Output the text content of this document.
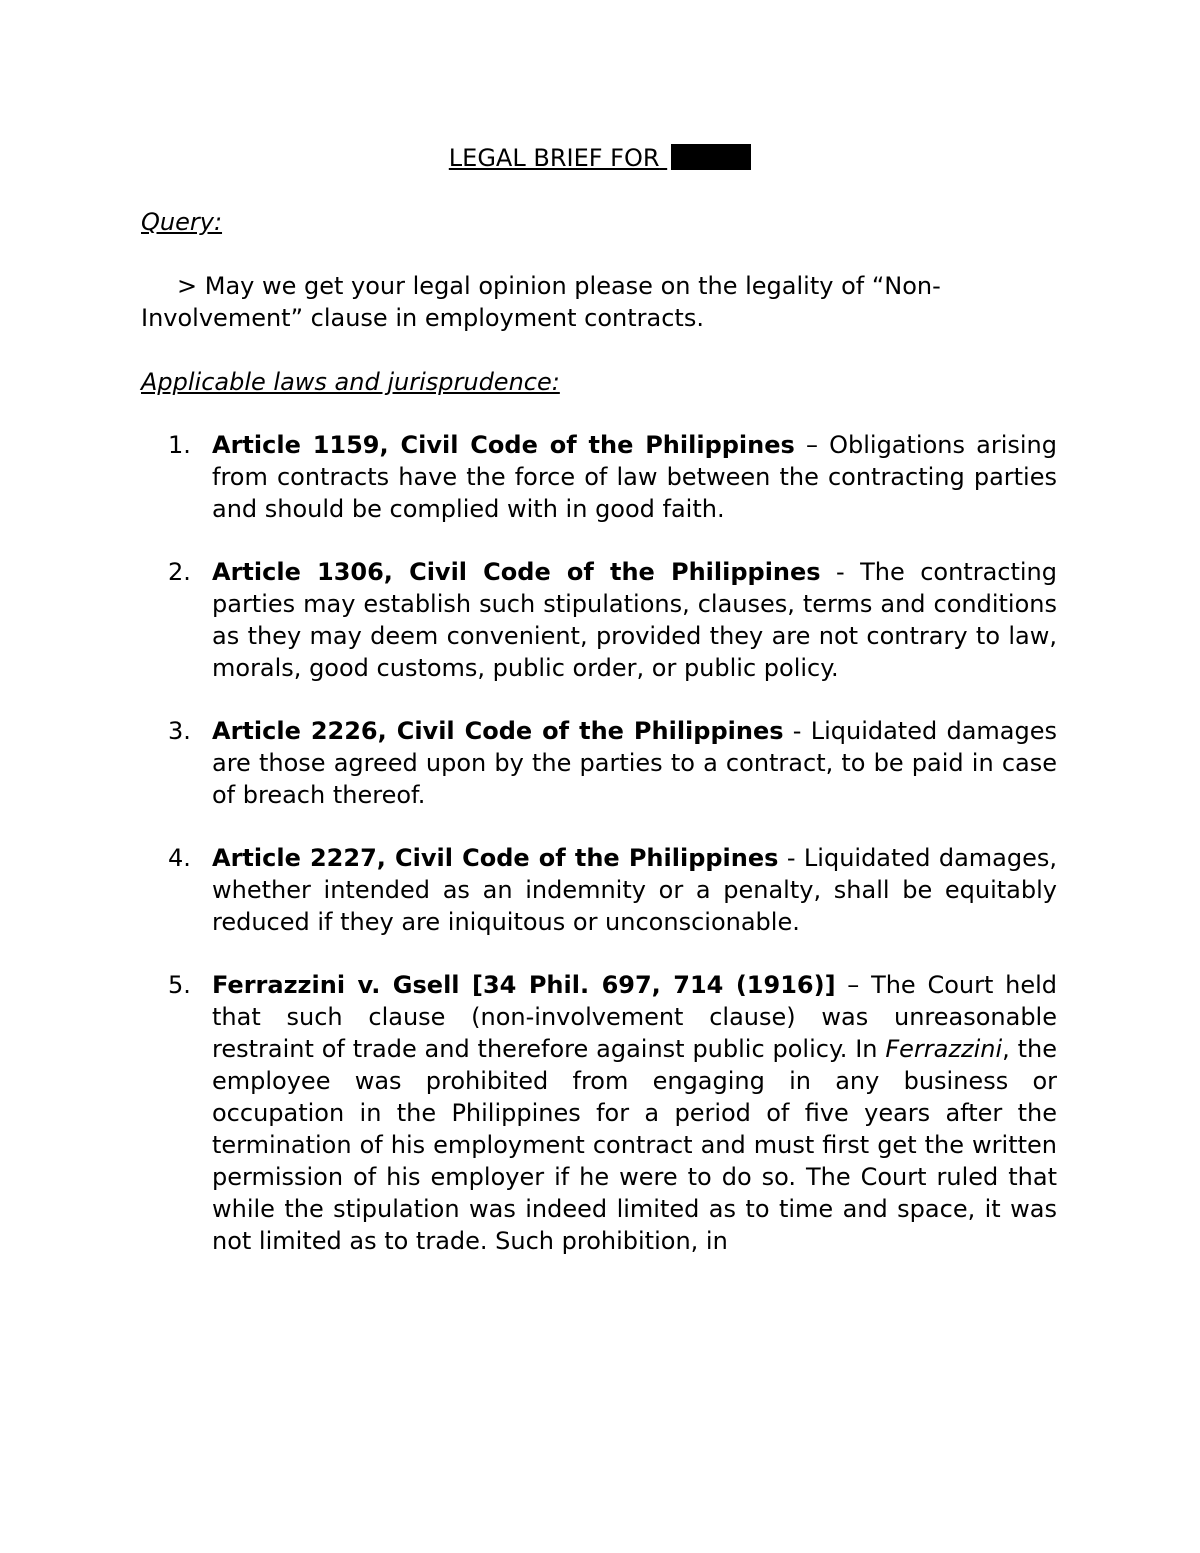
LEGAL BRIEF FOR
Query:
> May we get your legal opinion please on the legality of “Non-Involvement” clause in employment contracts.
Applicable laws and jurisprudence:
1. Article 1159, Civil Code of the Philippines – Obligations arising from contracts have the force of law between the contracting parties and should be complied with in good faith.
2. Article 1306, Civil Code of the Philippines - The contracting parties may establish such stipulations, clauses, terms and conditions as they may deem convenient, provided they are not contrary to law, morals, good customs, public order, or public policy.
3. Article 2226, Civil Code of the Philippines - Liquidated damages are those agreed upon by the parties to a contract, to be paid in case of breach thereof.
4. Article 2227, Civil Code of the Philippines - Liquidated damages, whether intended as an indemnity or a penalty, shall be equitably reduced if they are iniquitous or unconscionable.
5. Ferrazzini v. Gsell [34 Phil. 697, 714 (1916)] – The Court held that such clause (non-involvement clause) was unreasonable restraint of trade and therefore against public policy. In Ferrazzini, the employee was prohibited from engaging in any business or occupation in the Philippines for a period of five years after the termination of his employment contract and must first get the written permission of his employer if he were to do so. The Court ruled that while the stipulation was indeed limited as to time and space, it was not limited as to trade. Such prohibition, in
